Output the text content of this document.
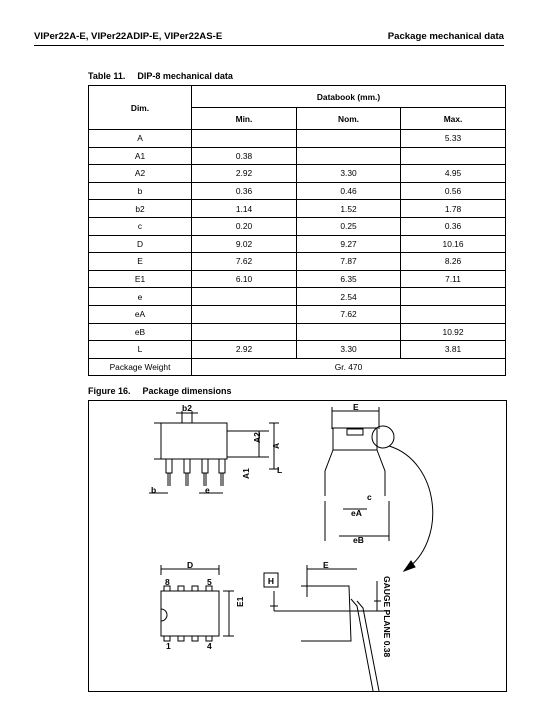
VIPer22A-E, VIPer22ADIP-E, VIPer22AS-E	Package mechanical data
Table 11. DIP-8 mechanical data
Dim.	Databook (mm.)		
	Min.	Nom.	Max.
A			5.33
A1	0.38		
A2	2.92	3.30	4.95
b	0.36	0.46	0.56
b2	1.14	1.52	1.78
c	0.20	0.25	0.36
D	9.02	9.27	10.16
E	7.62	7.87	8.26
E1	6.10	6.35	7.11
e		2.54	
eA		7.62	
eB			10.92
L	2.92	3.30	3.81
Package Weight	Gr. 470		
Figure 16. Package dimensions
H
b2
A2
A
A1	L
b	e
E
c
eA
eB
D
8	5
1	4
E1
E
GAUGE PLANE 0.38
